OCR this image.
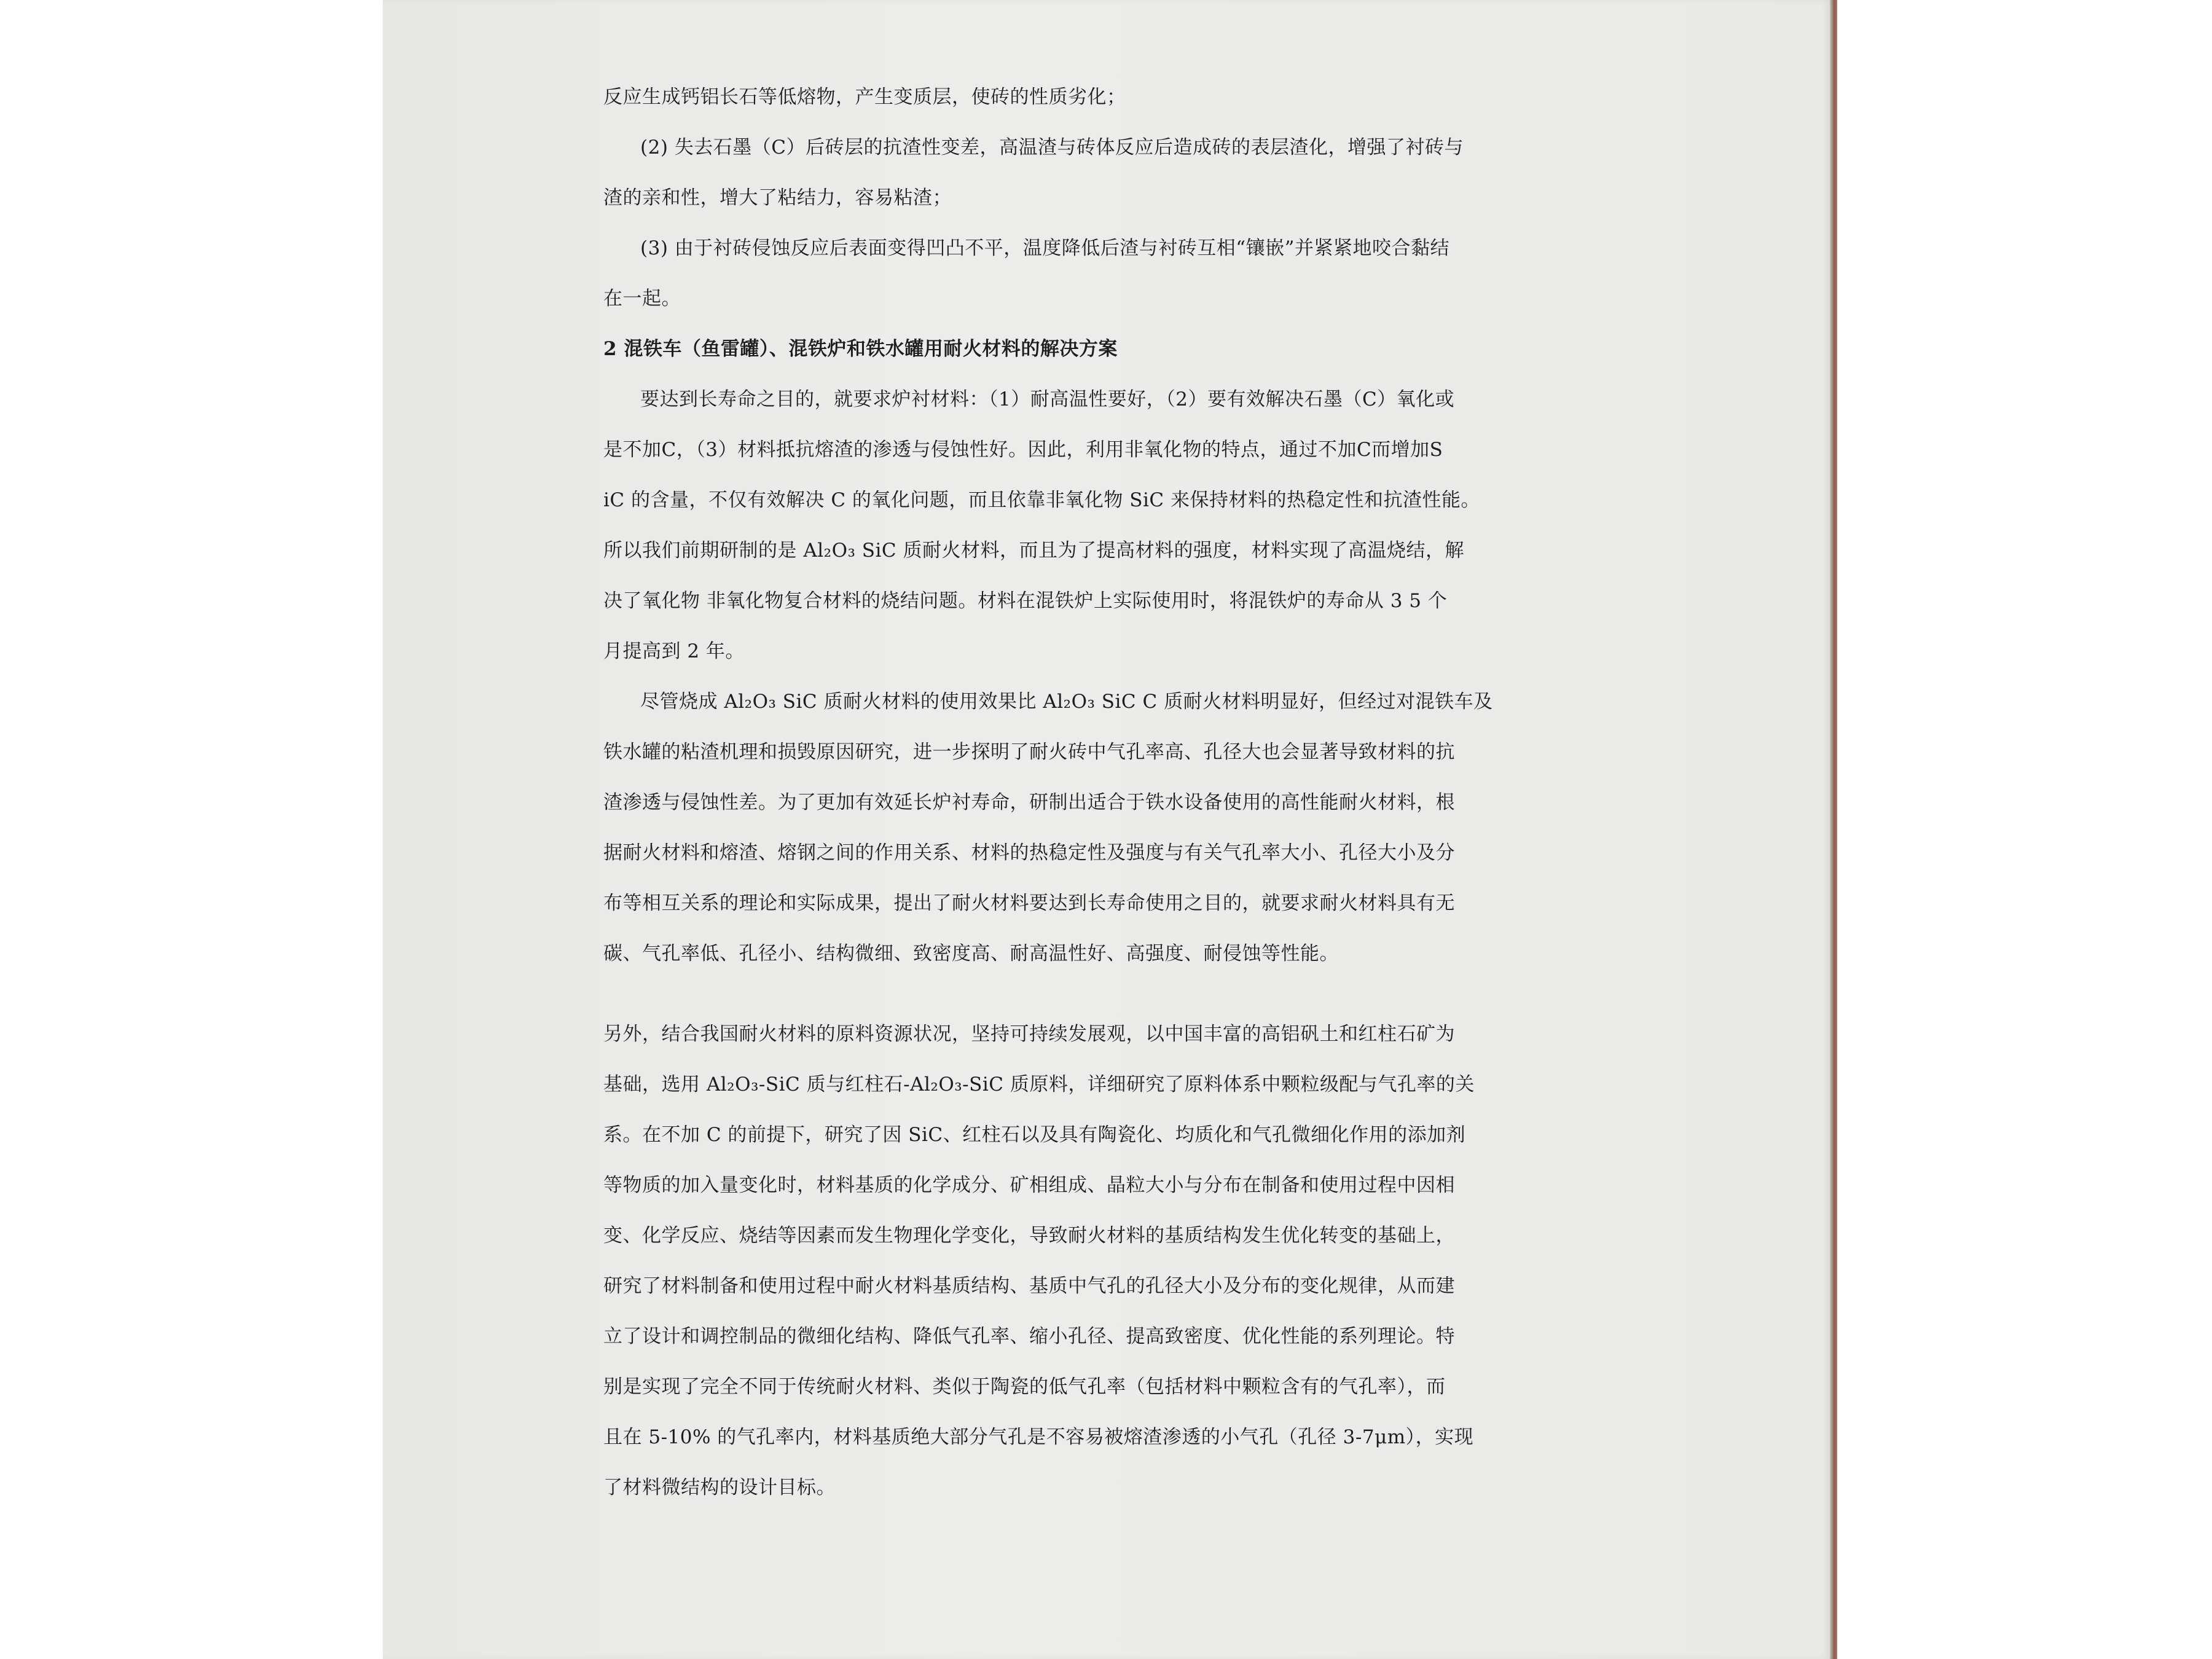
反应生成钙铝长石等低熔物，产生变质层，使砖的性质劣化；
(2) 失去石墨（C）后砖层的抗渣性变差，高温渣与砖体反应后造成砖的表层渣化，增强了衬砖与
渣的亲和性，增大了粘结力，容易粘渣；
(3) 由于衬砖侵蚀反应后表面变得凹凸不平，温度降低后渣与衬砖互相“镶嵌”并紧紧地咬合黏结
在一起。
2 混铁车（鱼雷罐）、混铁炉和铁水罐用耐火材料的解决方案
要达到长寿命之目的，就要求炉衬材料：（1）耐高温性要好，（2）要有效解决石墨（C）氧化或
是不加C，（3）材料抵抗熔渣的渗透与侵蚀性好。因此，利用非氧化物的特点，通过不加C而增加S
iC 的含量，不仅有效解决 C 的氧化问题，而且依靠非氧化物 SiC 来保持材料的热稳定性和抗渣性能。
所以我们前期研制的是 Al₂O₃ SiC 质耐火材料，而且为了提高材料的强度，材料实现了高温烧结，解
决了氧化物 非氧化物复合材料的烧结问题。材料在混铁炉上实际使用时，将混铁炉的寿命从 3 5 个
月提高到 2 年。
尽管烧成 Al₂O₃ SiC 质耐火材料的使用效果比 Al₂O₃ SiC C 质耐火材料明显好，但经过对混铁车及
铁水罐的粘渣机理和损毁原因研究，进一步探明了耐火砖中气孔率高、孔径大也会显著导致材料的抗
渣渗透与侵蚀性差。为了更加有效延长炉衬寿命，研制出适合于铁水设备使用的高性能耐火材料，根
据耐火材料和熔渣、熔钢之间的作用关系、材料的热稳定性及强度与有关气孔率大小、孔径大小及分
布等相互关系的理论和实际成果，提出了耐火材料要达到长寿命使用之目的，就要求耐火材料具有无
碳、气孔率低、孔径小、结构微细、致密度高、耐高温性好、高强度、耐侵蚀等性能。
另外，结合我国耐火材料的原料资源状况，坚持可持续发展观，以中国丰富的高铝矾土和红柱石矿为
基础，选用 Al₂O₃-SiC 质与红柱石-Al₂O₃-SiC 质原料，详细研究了原料体系中颗粒级配与气孔率的关
系。在不加 C 的前提下，研究了因 SiC、红柱石以及具有陶瓷化、均质化和气孔微细化作用的添加剂
等物质的加入量变化时，材料基质的化学成分、矿相组成、晶粒大小与分布在制备和使用过程中因相
变、化学反应、烧结等因素而发生物理化学变化，导致耐火材料的基质结构发生优化转变的基础上，
研究了材料制备和使用过程中耐火材料基质结构、基质中气孔的孔径大小及分布的变化规律，从而建
立了设计和调控制品的微细化结构、降低气孔率、缩小孔径、提高致密度、优化性能的系列理论。特
别是实现了完全不同于传统耐火材料、类似于陶瓷的低气孔率（包括材料中颗粒含有的气孔率），而
且在 5-10% 的气孔率内，材料基质绝大部分气孔是不容易被熔渣渗透的小气孔（孔径 3-7μm），实现
了材料微结构的设计目标。
